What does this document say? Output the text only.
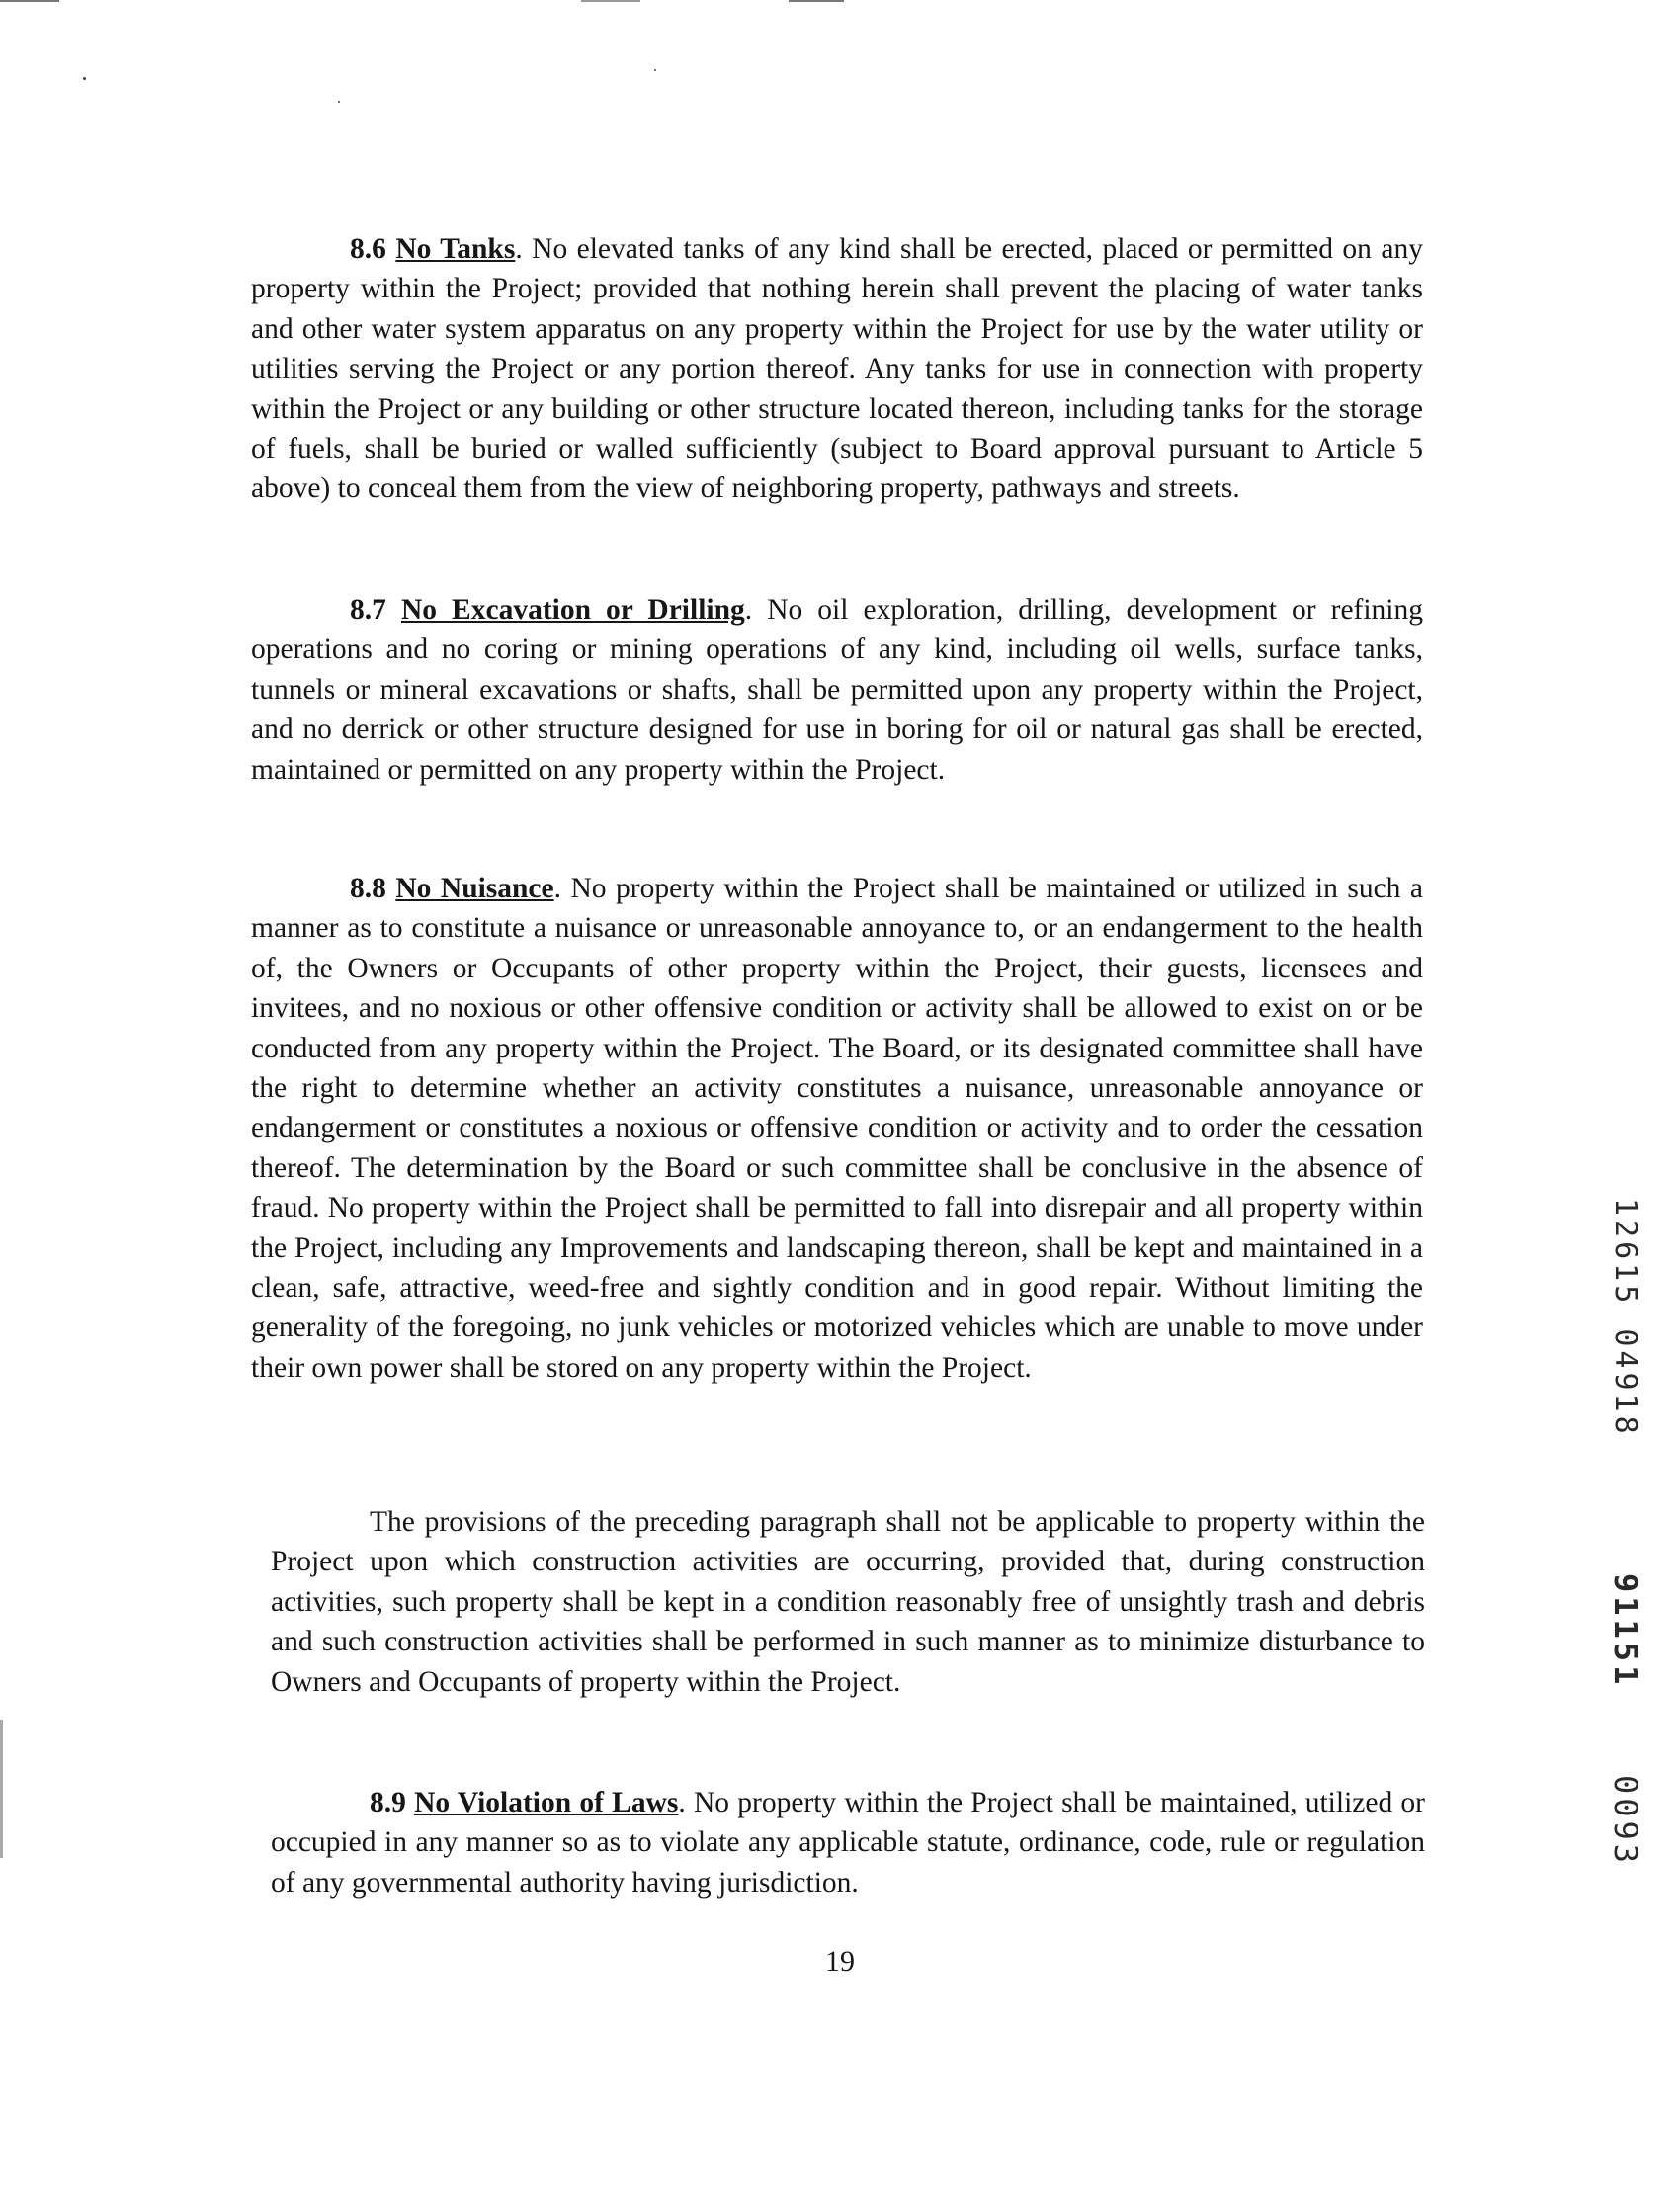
8.6 No Tanks. No elevated tanks of any kind shall be erected, placed or permitted on any property within the Project; provided that nothing herein shall prevent the placing of water tanks and other water system apparatus on any property within the Project for use by the water utility or utilities serving the Project or any portion thereof. Any tanks for use in connection with property within the Project or any building or other structure located thereon, including tanks for the storage of fuels, shall be buried or walled sufficiently (subject to Board approval pursuant to Article 5 above) to conceal them from the view of neighboring property, pathways and streets.

8.7 No Excavation or Drilling. No oil exploration, drilling, development or refining operations and no coring or mining operations of any kind, including oil wells, surface tanks, tunnels or mineral excavations or shafts, shall be permitted upon any property within the Project, and no derrick or other structure designed for use in boring for oil or natural gas shall be erected, maintained or permitted on any property within the Project.

8.8 No Nuisance. No property within the Project shall be maintained or utilized in such a manner as to constitute a nuisance or unreasonable annoyance to, or an endangerment to the health of, the Owners or Occupants of other property within the Project, their guests, licensees and invitees, and no noxious or other offensive condition or activity shall be allowed to exist on or be conducted from any property within the Project. The Board, or its designated committee shall have the right to determine whether an activity constitutes a nuisance, unreasonable annoyance or endangerment or constitutes a noxious or offensive condition or activity and to order the cessation thereof. The determination by the Board or such committee shall be conclusive in the absence of fraud. No property within the Project shall be permitted to fall into disrepair and all property within the Project, including any Improvements and landscaping thereon, shall be kept and maintained in a clean, safe, attractive, weed-free and sightly condition and in good repair. Without limiting the generality of the foregoing, no junk vehicles or motorized vehicles which are unable to move under their own power shall be stored on any property within the Project.

The provisions of the preceding paragraph shall not be applicable to property within the Project upon which construction activities are occurring, provided that, during construction activities, such property shall be kept in a condition reasonably free of unsightly trash and debris and such construction activities shall be performed in such manner as to minimize disturbance to Owners and Occupants of property within the Project.

8.9 No Violation of Laws. No property within the Project shall be maintained, utilized or occupied in any manner so as to violate any applicable statute, ordinance, code, rule or regulation of any governmental authority having jurisdiction.

19
12615 04918
91151
0093
